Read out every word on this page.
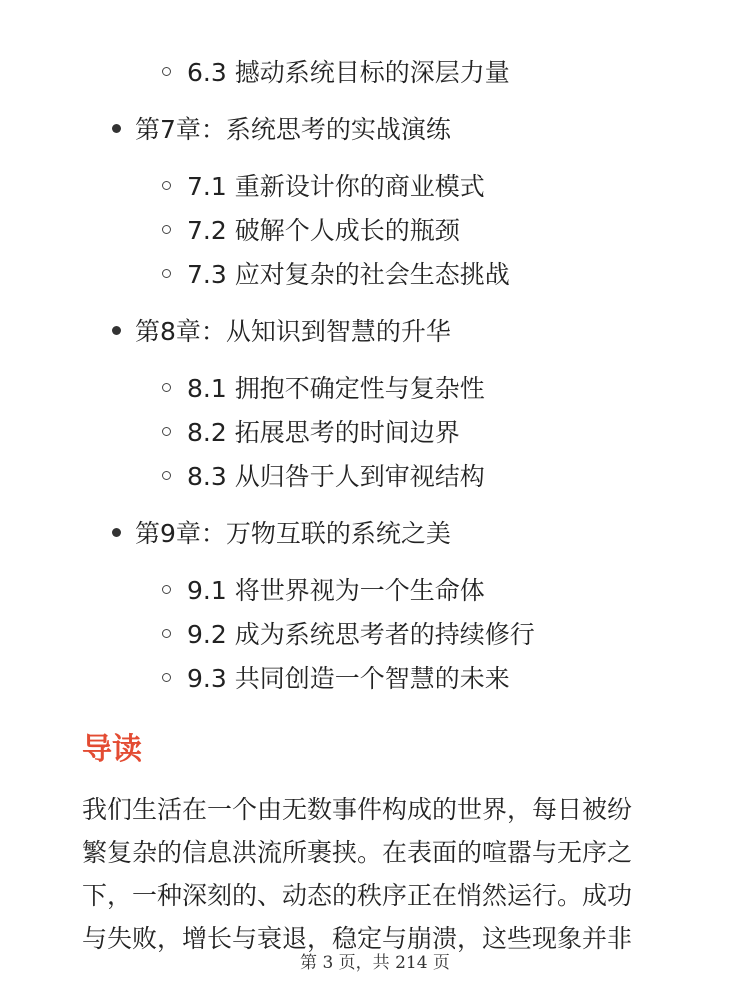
6.3 撼动系统目标的深层力量
第7章：系统思考的实战演练
7.1 重新设计你的商业模式
7.2 破解个人成长的瓶颈
7.3 应对复杂的社会生态挑战
第8章：从知识到智慧的升华
8.1 拥抱不确定性与复杂性
8.2 拓展思考的时间边界
8.3 从归咎于人到审视结构
第9章：万物互联的系统之美
9.1 将世界视为一个生命体
9.2 成为系统思考者的持续修行
9.3 共同创造一个智慧的未来
导读
我们生活在一个由无数事件构成的世界，每日被纷
繁复杂的信息洪流所裹挟。在表面的喧嚣与无序之
下，一种深刻的、动态的秩序正在悄然运行。成功
与失败，增长与衰退，稳定与崩溃，这些现象并非
第 3 页，共 214 页
